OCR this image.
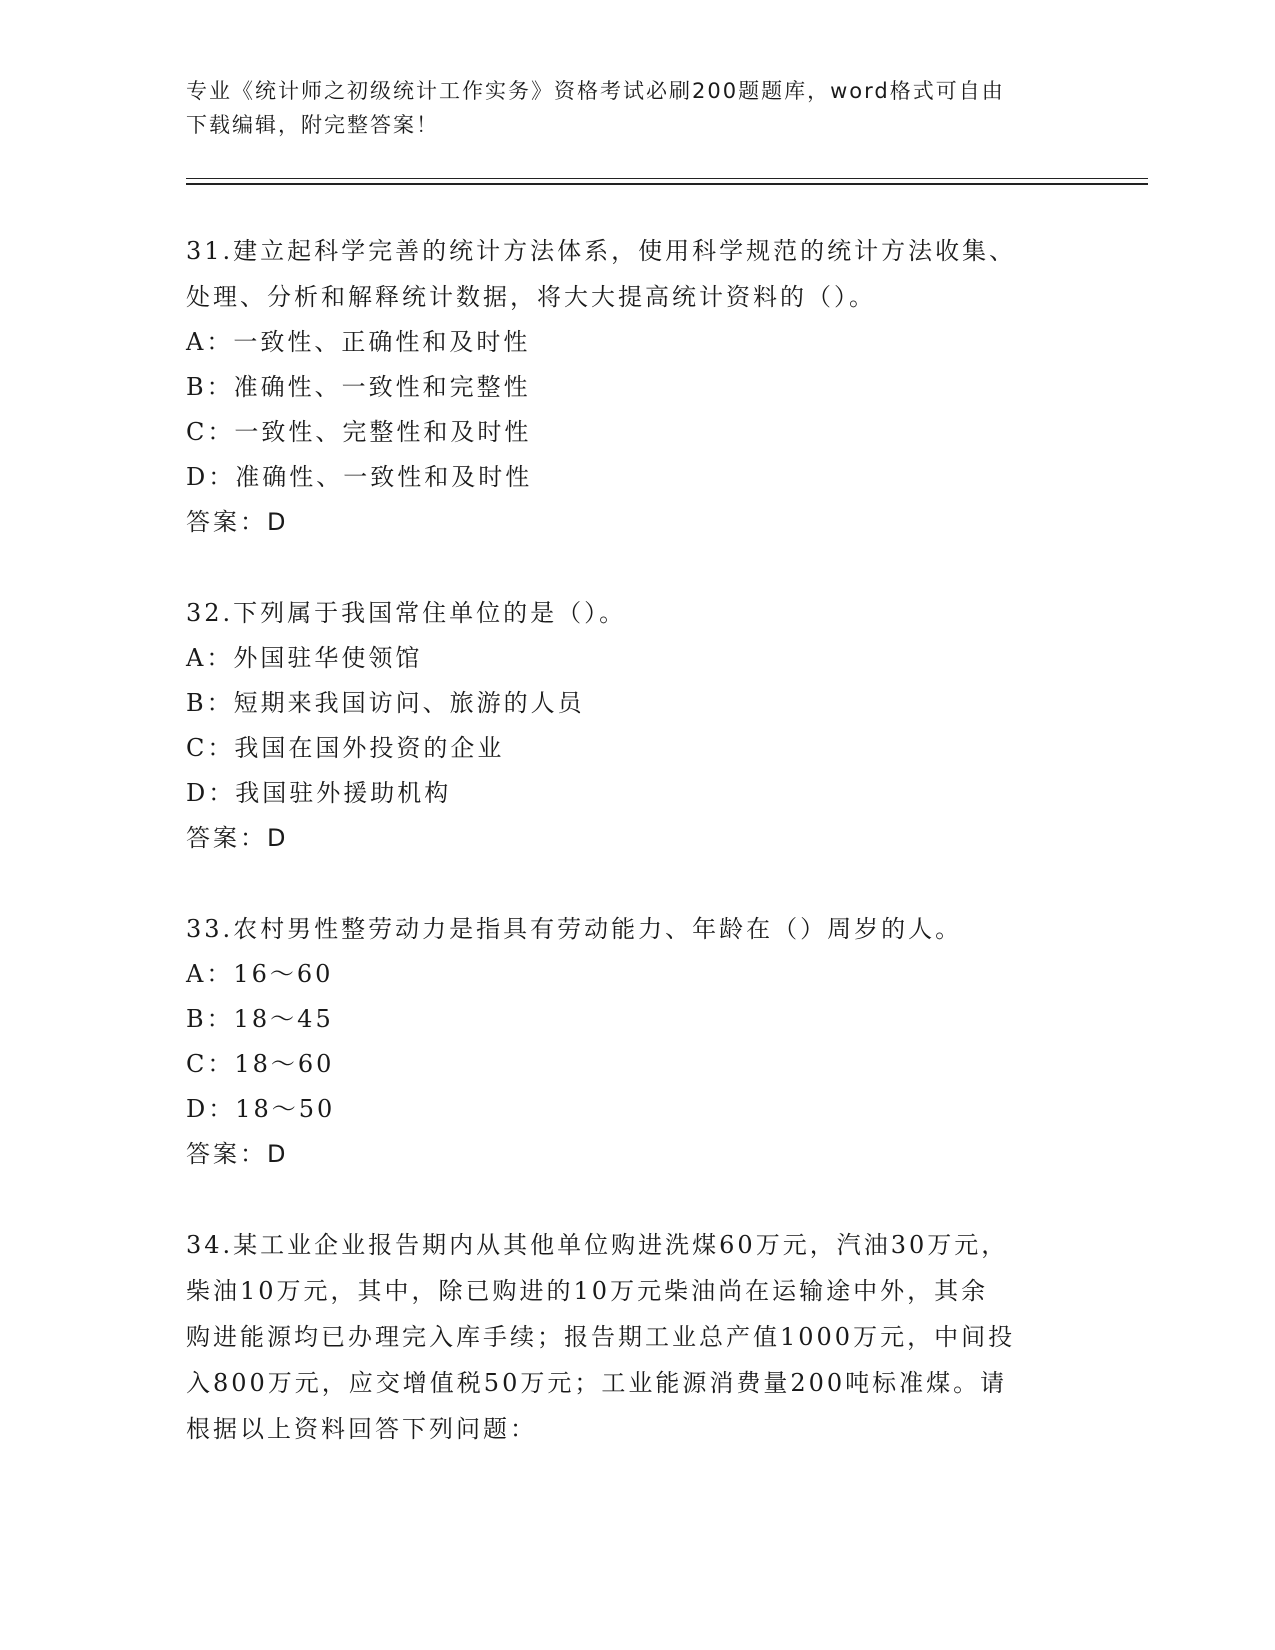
专业《统计师之初级统计工作实务》资格考试必刷200题题库，word格式可自由
下载编辑，附完整答案！

31.建立起科学完善的统计方法体系，使用科学规范的统计方法收集、

处理、分析和解释统计数据，将大大提高统计资料的（）。

A：一致性、正确性和及时性

B：准确性、一致性和完整性

C：一致性、完整性和及时性

D：准确性、一致性和及时性

答案：D

32.下列属于我国常住单位的是（）。

A：外国驻华使领馆

B：短期来我国访问、旅游的人员

C：我国在国外投资的企业

D：我国驻外援助机构

答案：D

33.农村男性整劳动力是指具有劳动能力、年龄在（）周岁的人。

A：16～60

B：18～45

C：18～60

D：18～50

答案：D

34.某工业企业报告期内从其他单位购进洗煤60万元，汽油30万元，

柴油10万元，其中，除已购进的10万元柴油尚在运输途中外，其余

购进能源均已办理完入库手续；报告期工业总产值1000万元，中间投

入800万元，应交增值税50万元；工业能源消费量200吨标准煤。请

根据以上资料回答下列问题：
